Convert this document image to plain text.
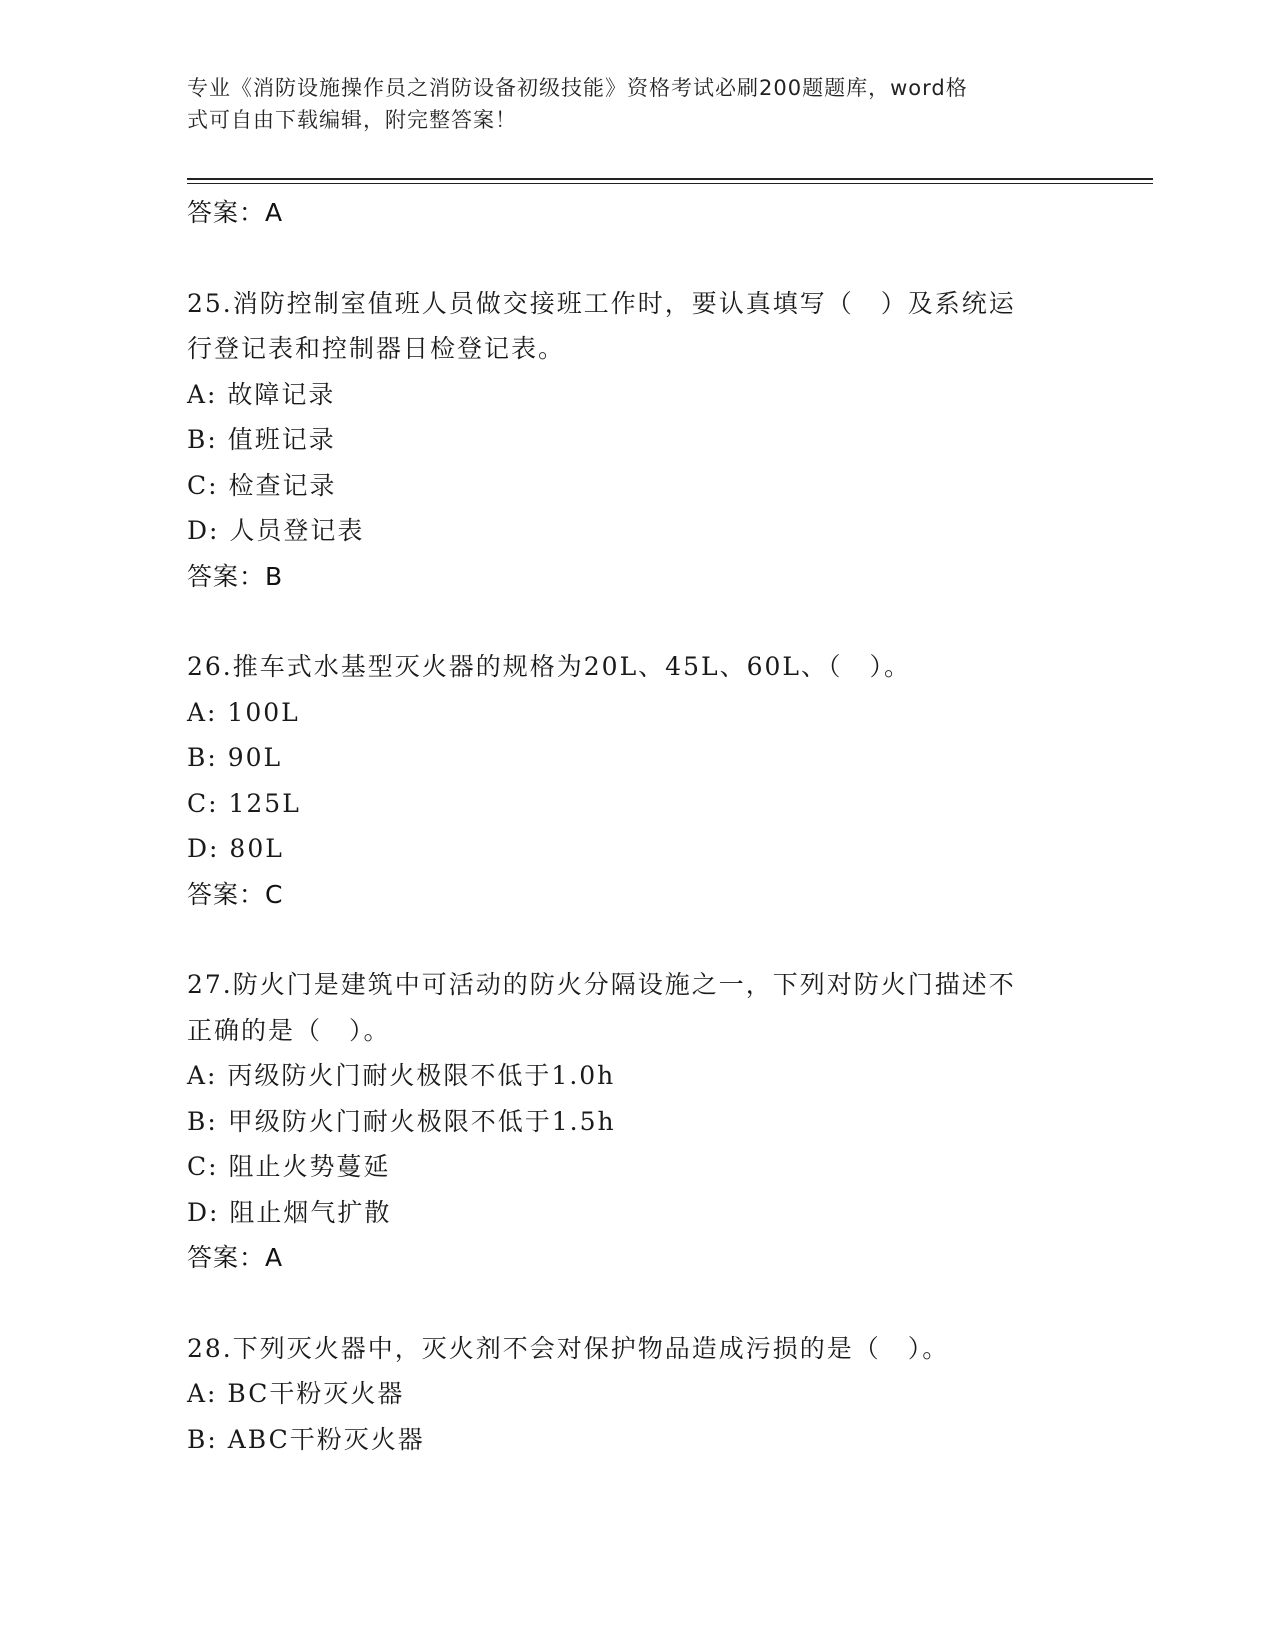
专业《消防设施操作员之消防设备初级技能》资格考试必刷200题题库，word格
式可自由下载编辑，附完整答案！
答案：A
25.消防控制室值班人员做交接班工作时，要认真填写（　）及系统运
行登记表和控制器日检登记表。
A: 故障记录
B: 值班记录
C: 检查记录
D: 人员登记表
答案：B
26.推车式水基型灭火器的规格为20L、45L、60L、（　）。
A: 100L
B: 90L
C: 125L
D: 80L
答案：C
27.防火门是建筑中可活动的防火分隔设施之一，下列对防火门描述不
正确的是（　）。
A: 丙级防火门耐火极限不低于1.0h
B: 甲级防火门耐火极限不低于1.5h
C: 阻止火势蔓延
D: 阻止烟气扩散
答案：A
28.下列灭火器中，灭火剂不会对保护物品造成污损的是（　）。
A: BC干粉灭火器
B: ABC干粉灭火器
